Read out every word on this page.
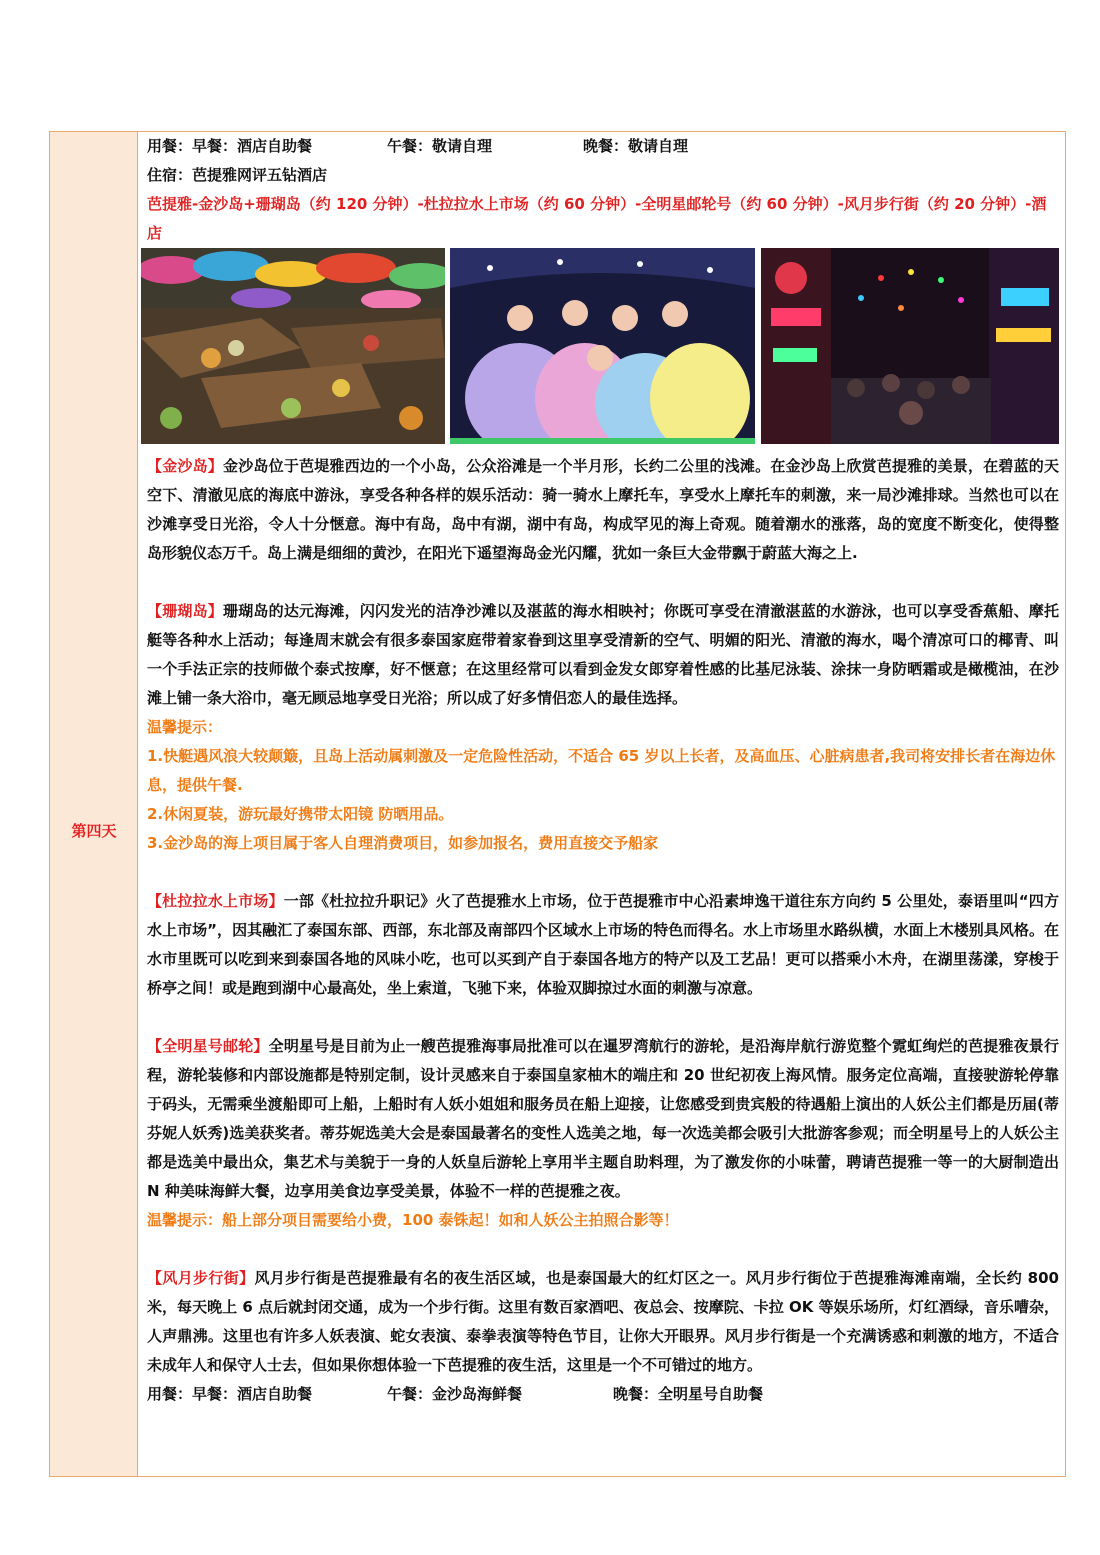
第四天
用餐：早餐：酒店自助餐	午餐：敬请自理	晚餐：敬请自理
住宿：芭提雅网评五钻酒店

芭提雅-金沙岛+珊瑚岛（约 120 分钟）-杜拉拉水上市场（约 60 分钟）-全明星邮轮号（约 60 分钟）-风月步行街（约 20 分钟）-酒店

【金沙岛】金沙岛位于芭堤雅西边的一个小岛，公众浴滩是一个半月形，长约二公里的浅滩。在金沙岛上欣赏芭提雅的美景，在碧蓝的天空下、清澈见底的海底中游泳，享受各种各样的娱乐活动：骑一骑水上摩托车，享受水上摩托车的刺激，来一局沙滩排球。当然也可以在沙滩享受日光浴，令人十分惬意。海中有岛，岛中有湖，湖中有岛，构成罕见的海上奇观。随着潮水的涨落，岛的宽度不断变化，使得整岛形貌仪态万千。岛上满是细细的黄沙，在阳光下遥望海岛金光闪耀，犹如一条巨大金带飘于蔚蓝大海之上.

【珊瑚岛】珊瑚岛的达元海滩，闪闪发光的洁净沙滩以及湛蓝的海水相映衬；你既可享受在清澈湛蓝的水游泳，也可以享受香蕉船、摩托艇等各种水上活动；每逢周末就会有很多泰国家庭带着家眷到这里享受清新的空气、明媚的阳光、清澈的海水，喝个清凉可口的椰青、叫一个手法正宗的技师做个泰式按摩，好不惬意；在这里经常可以看到金发女郎穿着性感的比基尼泳装、涂抹一身防晒霜或是橄榄油，在沙滩上铺一条大浴巾，毫无顾忌地享受日光浴；所以成了好多情侣恋人的最佳选择。

温馨提示：

1.快艇遇风浪大较颠簸，且岛上活动属刺激及一定危险性活动，不适合 65 岁以上长者，及高血压、心脏病患者,我司将安排长者在海边休息，提供午餐.

2.休闲夏装，游玩最好携带太阳镜 防晒用品。

3.金沙岛的海上项目属于客人自理消费项目，如参加报名，费用直接交予船家

【杜拉拉水上市场】一部《杜拉拉升职记》火了芭提雅水上市场，位于芭提雅市中心沿素坤逸干道往东方向约 5 公里处，泰语里叫“四方水上市场”，因其融汇了泰国东部、西部，东北部及南部四个区域水上市场的特色而得名。水上市场里水路纵横，水面上木楼别具风格。在水市里既可以吃到来到泰国各地的风味小吃，也可以买到产自于泰国各地方的特产以及工艺品！更可以搭乘小木舟，在湖里荡漾，穿梭于桥亭之间！或是跑到湖中心最高处，坐上索道，飞驰下来，体验双脚掠过水面的刺激与凉意。

【全明星号邮轮】全明星号是目前为止一艘芭提雅海事局批准可以在暹罗湾航行的游轮，是沿海岸航行游览整个霓虹绚烂的芭提雅夜景行程，游轮装修和内部设施都是特别定制，设计灵感来自于泰国皇家柚木的端庄和 20 世纪初夜上海风情。服务定位高端，直接驶游轮停靠于码头，无需乘坐渡船即可上船，上船时有人妖小姐姐和服务员在船上迎接，让您感受到贵宾般的待遇船上演出的人妖公主们都是历届(蒂芬妮人妖秀)选美获奖者。蒂芬妮选美大会是泰国最著名的变性人选美之地，每一次选美都会吸引大批游客参观；而全明星号上的人妖公主都是选美中最出众，集艺术与美貌于一身的人妖皇后游轮上享用半主题自助料理，为了激发你的小味蕾，聘请芭提雅一等一的大厨制造出 N 种美味海鲜大餐，边享用美食边享受美景，体验不一样的芭提雅之夜。

温馨提示：船上部分项目需要给小费，100 泰铢起！如和人妖公主拍照合影等！

【风月步行街】风月步行街是芭提雅最有名的夜生活区域，也是泰国最大的红灯区之一。风月步行街位于芭提雅海滩南端，全长约 800 米，每天晚上 6 点后就封闭交通，成为一个步行街。这里有数百家酒吧、夜总会、按摩院、卡拉 OK 等娱乐场所，灯红酒绿，音乐嘈杂，人声鼎沸。这里也有许多人妖表演、蛇女表演、泰拳表演等特色节目，让你大开眼界。风月步行街是一个充满诱惑和刺激的地方，不适合未成年人和保守人士去，但如果你想体验一下芭提雅的夜生活，这里是一个不可错过的地方。

用餐：早餐：酒店自助餐	午餐：金沙岛海鲜餐	晚餐：全明星号自助餐
